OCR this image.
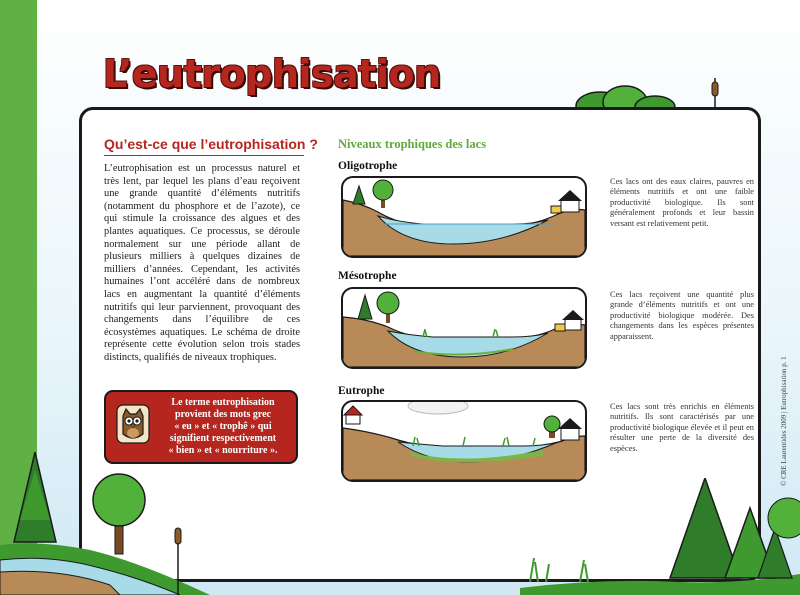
L’eutrophisation
Qu’est-ce que l’eutrophisation ?

L’eutrophisation est un processus naturel et très lent, par lequel les plans d’eau reçoivent une grande quantité d’éléments nutritifs (notamment du phosphore et de l’azote), ce qui stimule la croissance des algues et des plantes aquatiques. Ce processus, se déroule normalement sur une période allant de plusieurs milliers à quelques dizaines de milliers d’années. Cependant, les activités humaines l’ont accéléré dans de nombreux lacs en augmentant la quantité d’éléments nutritifs qui leur parviennent, provoquant des changements dans l’équilibre de ces écosystèmes aquatiques. Le schéma de droite représente cette évolution selon trois stades distincts, qualifiés de niveaux trophiques.

Le terme eutrophisation
provient des mots grec
« eu » et « trophê » qui
signifient respectivement
« bien » et « nourriture ».

Niveaux trophiques des lacs
Oligotrophe

Ces lacs ont des eaux claires, pauvres en éléments nutritifs et ont une faible productivité biologique. Ils sont généralement profonds et leur bassin versant est relativement petit.

Mésotrophe

Ces lacs reçoivent une quantité plus grande d’éléments nutritifs et ont une productivité biologique modérée. Des changements dans les espèces présentes apparaissent.

Eutrophe

Ces lacs sont très enrichis en éléments nutritifs. Ils sont caractérisés par une productivité biologique élevée et il peut en résulter une perte de la diversité des espèces.	© CRE Laurentides 2009 | Eutrophisation p. 1
